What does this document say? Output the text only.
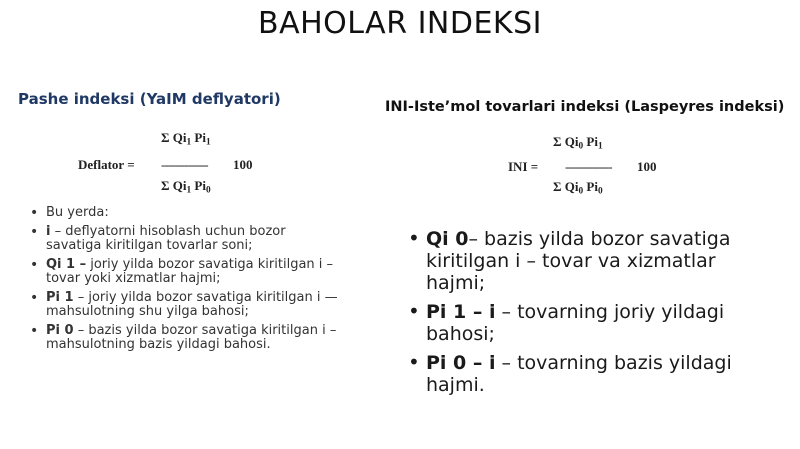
BAHOLAR INDEKSI
Pashe indeksi (YaIM deflyatori)	INI-Iste’mol tovarlari indeksi (Laspeyres indeksi)
Σ $Qi_1$ $Pi_1$
Deflator = -------------- 100
Σ $Qi_1$ $Pi_0$
Σ $Qi_0$ $Pi_1$
INI = -------------- 100
Σ $Qi_0$ $Pi_0$
• Bu yerda:
• i – deflyatorni hisoblash uchun bozor savatiga kiritilgan tovarlar soni;
• Qi 1 – joriy yilda bozor savatiga kiritilgan i – tovar yoki xizmatlar hajmi;
• Pi 1 – joriy yilda bozor savatiga kiritilgan i — mahsulotning shu yilga bahosi;
• Pi 0 – bazis yilda bozor savatiga kiritilgan i – mahsulotning bazis yildagi bahosi.
• Qi 0– bazis yilda bozor savatiga kiritilgan i – tovar va xizmatlar hajmi;
• Pi 1 – i – tovarning joriy yildagi bahosi;
• Pi 0 – i – tovarning bazis yildagi hajmi.
